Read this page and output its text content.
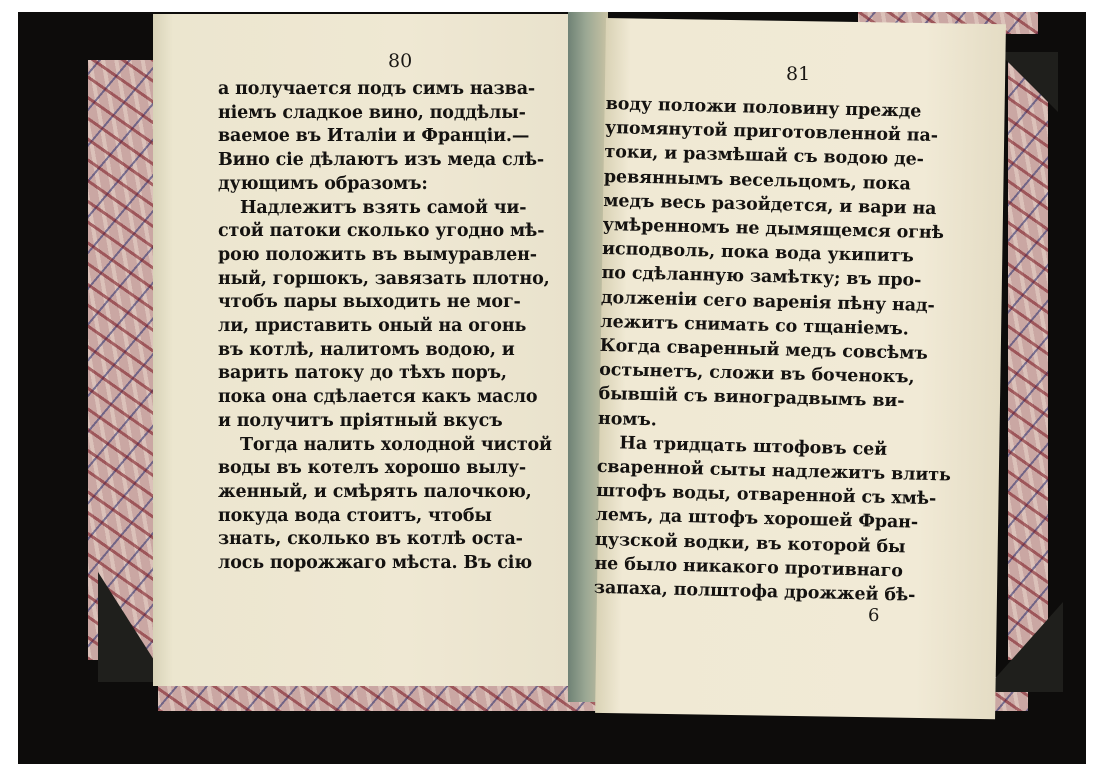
80
81
а получается подъ симъ назва-
ніемъ сладкое вино, поддѣлы-
ваемое въ Италіи и Франціи.—
Вино сіе дѣлаютъ изъ меда слѣ-
дующимъ образомъ:
Надлежитъ взять самой чи-
стой патоки сколько угодно мѣ-
рою положить въ вымуравлен-
ный, горшокъ, завязать плотно,
чтобъ пары выходить не мог-
ли, приставить оный на огонь
въ котлѣ, налитомъ водою, и
варить патоку до тѣхъ поръ,
пока она сдѣлается какъ масло
и получитъ пріятный вкусъ
Тогда налить холодной чистой
воды въ котелъ хорошо вылу-
женный, и смѣрять палочкою,
покуда вода стоитъ, чтобы
знать, сколько въ котлѣ оста-
лось порожжаго мѣста. Въ сію
воду положи половину прежде
упомянутой приготовленной па-
токи, и размѣшай съ водою де-
ревяннымъ весельцомъ, пока
медъ весь разойдется, и вари на
умѣренномъ не дымящемся огнѣ
исподволь, пока вода укипитъ
по сдѣланную замѣтку; въ про-
долженіи сего варенія пѣну над-
лежитъ снимать со тщаніемъ.
Когда сваренный медъ совсѣмъ
остынетъ, сложи въ боченокъ,
бывшій съ виноградвымъ ви-
номъ.
На тридцать штофовъ сей
сваренной сыты надлежитъ влить
штофъ воды, отваренной съ хмѣ-
лемъ, да штофъ хорошей Фран-
цузской водки, въ которой бы
не было никакого противнаго
запаха, полштофа дрожжей бѣ-
6
